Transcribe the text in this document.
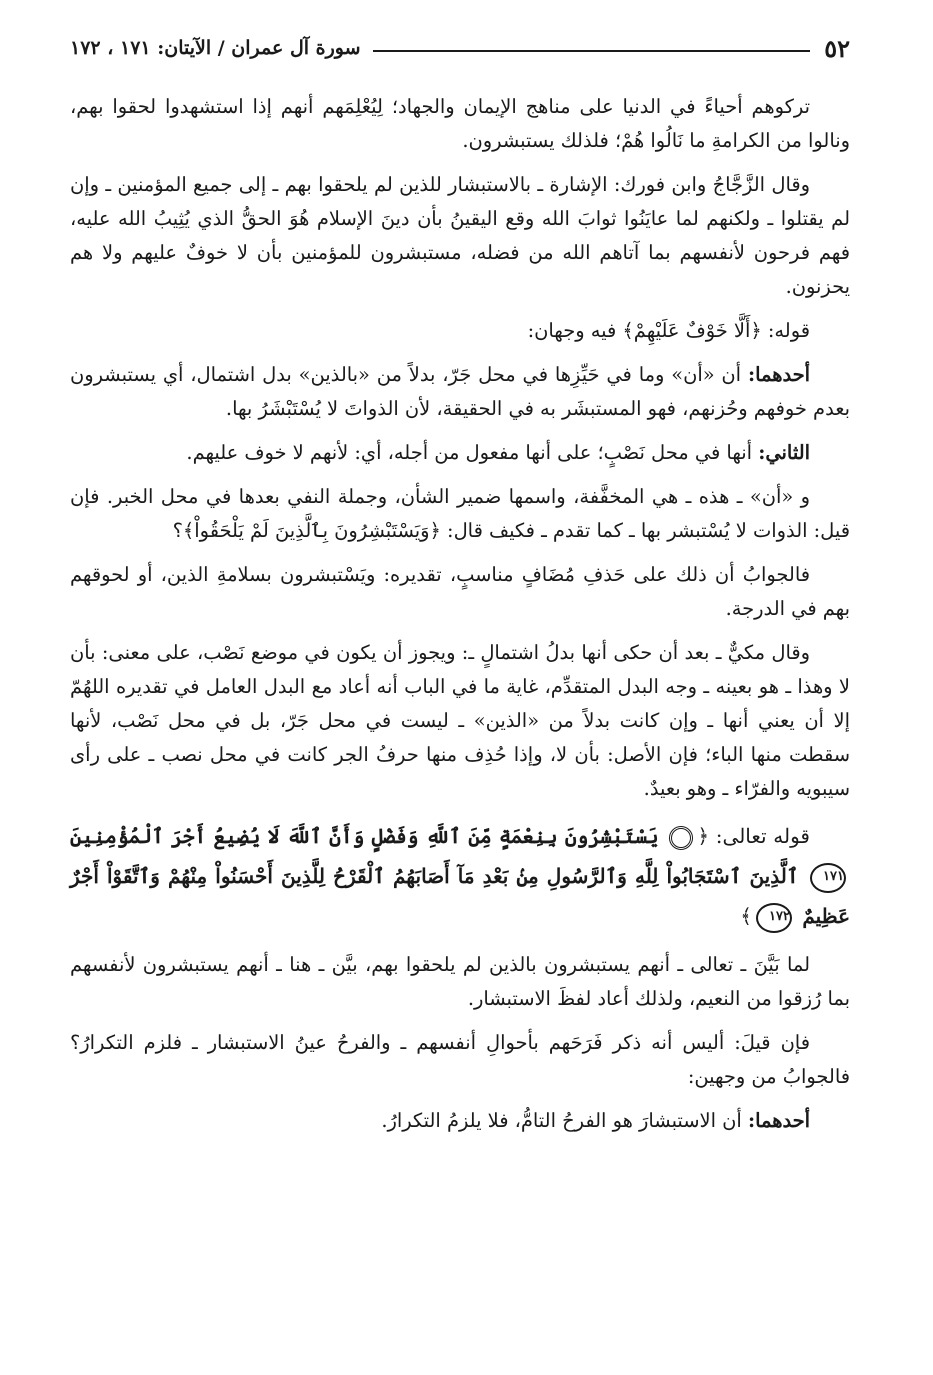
٥٢
سورة آل عمران / الآيتان: ١٧١ ، ١٧٢

تركوهم أحياءً في الدنيا على مناهج الإيمان والجهاد؛ لِيُعْلِمَهم أنهم إذا استشهدوا لحقوا بهم، ونالوا من الكرامةِ ما نَالُوا هُمْ؛ فلذلك يستبشرون.

وقال الزَّجَّاجُ وابن فورك: الإشارة ـ بالاستبشار للذين لم يلحقوا بهم ـ إلى جميع المؤمنين ـ وإن لم يقتلوا ـ ولكنهم لما عايَنُوا ثوابَ الله وقع اليقينُ بأن دينَ الإسلام هُوَ الحقُّ الذي يُثِيبُ الله عليه، فهم فرحون لأنفسهم بما آتاهم الله من فضله، مستبشرون للمؤمنين بأن لا خوفٌ عليهم ولا هم يحزنون.

قوله: ﴿أَلَّا خَوْفٌ عَلَيْهِمْ﴾ فيه وجهان:

أحدهما: أن «أن» وما في حَيِّزِها في محل جَرّ، بدلاً من «بالذين» بدل اشتمال، أي يستبشرون بعدم خوفهم وحُزنهم، فهو المستبشَر به في الحقيقة، لأن الذواتَ لا يُسْتَبْشَرُ بها.

الثاني: أنها في محل نَصْبٍ؛ على أنها مفعول من أجله، أي: لأنهم لا خوف عليهم.

و «أن» ـ هذه ـ هي المخفَّفة، واسمها ضمير الشأن، وجملة النفي بعدها في محل الخبر. فإن قيل: الذوات لا يُسْتبشر بها ـ كما تقدم ـ فكيف قال: ﴿وَيَسْتَبْشِرُونَ بِٱلَّذِينَ لَمْ يَلْحَقُواْ﴾؟

فالجوابُ أن ذلك على حَذفِ مُضَافٍ مناسبٍ، تقديره: ويَسْتبشرون بسلامةِ الذين، أو لحوقهم بهم في الدرجة.

وقال مكيٌّ ـ بعد أن حكى أنها بدلُ اشتمالٍ ـ: ويجوز أن يكون في موضع نَصْب، على معنى: بأن لا وهذا ـ هو بعينه ـ وجه البدل المتقدِّم، غاية ما في الباب أنه أعاد مع البدل العامل في تقديره اللهُمّ إلا أن يعني أنها ـ وإن كانت بدلاً من «الذين» ـ ليست في محل جَرّ، بل في محل نَصْب، لأنها سقطت منها الباء؛ فإن الأصل: بأن لا، وإذا حُذِف منها حرفُ الجر كانت في محل نصب ـ على رأى سيبويه والفرّاء ـ وهو بعيدٌ.

قوله تعالى: ﴿ يَسْتَبْشِرُونَ بِنِعْمَةٍ مِّنَ ٱللَّهِ وَفَضْلٍ وَأَنَّ ٱللَّهَ لَا يُضِيعُ أَجْرَ ٱلْمُؤْمِنِينَ ١٧١ ٱلَّذِينَ ٱسْتَجَابُواْ لِلَّهِ وَٱلرَّسُولِ مِنۢ بَعْدِ مَآ أَصَابَهُمُ ٱلْقَرْحُ لِلَّذِينَ أَحْسَنُواْ مِنْهُمْ وَٱتَّقَوْاْ أَجْرٌ عَظِيمٌ ١٧٢﴾

لما بَيَّنَ ـ تعالى ـ أنهم يستبشرون بالذين لم يلحقوا بهم، بيَّن ـ هنا ـ أنهم يستبشرون لأنفسهم بما رُزقوا من النعيم، ولذلك أعاد لفظَ الاستبشار.

فإن قيلَ: أليس أنه ذكر فَرَحَهم بأحوالِ أنفسهم ـ والفرحُ عينُ الاستبشار ـ فلزم التكرارُ؟ فالجوابُ من وجهين:

أحدهما: أن الاستبشارَ هو الفرحُ التامُّ، فلا يلزمُ التكرارُ.
